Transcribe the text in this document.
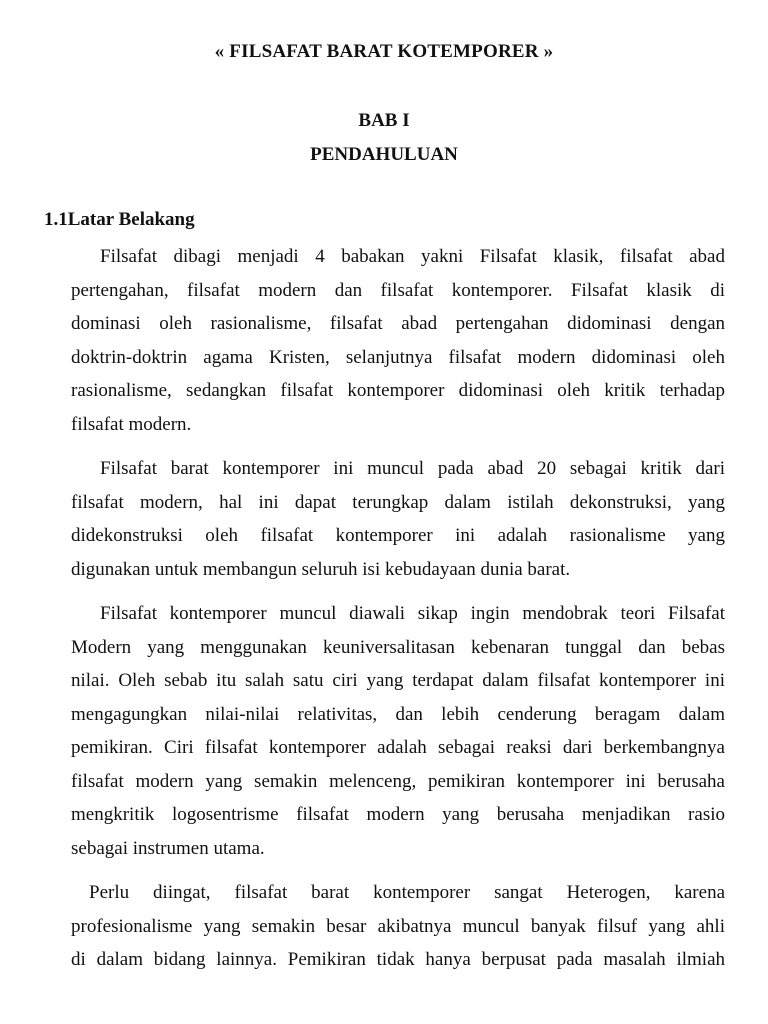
« FILSAFAT BARAT KOTEMPORER »
BAB I
PENDAHULUAN
1.1Latar Belakang

Filsafat dibagi menjadi 4 babakan yakni Filsafat klasik, filsafat abad
pertengahan, filsafat modern dan filsafat kontemporer. Filsafat klasik di
dominasi oleh rasionalisme, filsafat abad pertengahan didominasi dengan
doktrin-doktrin agama Kristen, selanjutnya filsafat modern didominasi oleh
rasionalisme, sedangkan filsafat kontemporer didominasi oleh kritik terhadap
filsafat modern.

Filsafat barat kontemporer ini muncul pada abad 20 sebagai kritik dari
filsafat modern, hal ini dapat terungkap dalam istilah dekonstruksi, yang
didekonstruksi oleh filsafat kontemporer ini adalah rasionalisme yang
digunakan untuk membangun seluruh isi kebudayaan dunia barat.

Filsafat kontemporer muncul diawali sikap ingin mendobrak teori Filsafat
Modern yang menggunakan keuniversalitasan kebenaran tunggal dan bebas
nilai. Oleh sebab itu salah satu ciri yang terdapat dalam filsafat kontemporer ini
mengagungkan nilai-nilai relativitas, dan lebih cenderung beragam dalam
pemikiran. Ciri filsafat kontemporer adalah sebagai reaksi dari berkembangnya
filsafat modern yang semakin melenceng, pemikiran kontemporer ini berusaha
mengkritik logosentrisme filsafat modern yang berusaha menjadikan rasio
sebagai instrumen utama.

Perlu diingat, filsafat barat kontemporer sangat Heterogen, karena
profesionalisme yang semakin besar akibatnya muncul banyak filsuf yang ahli
di dalam bidang lainnya. Pemikiran tidak hanya berpusat pada masalah ilmiah
